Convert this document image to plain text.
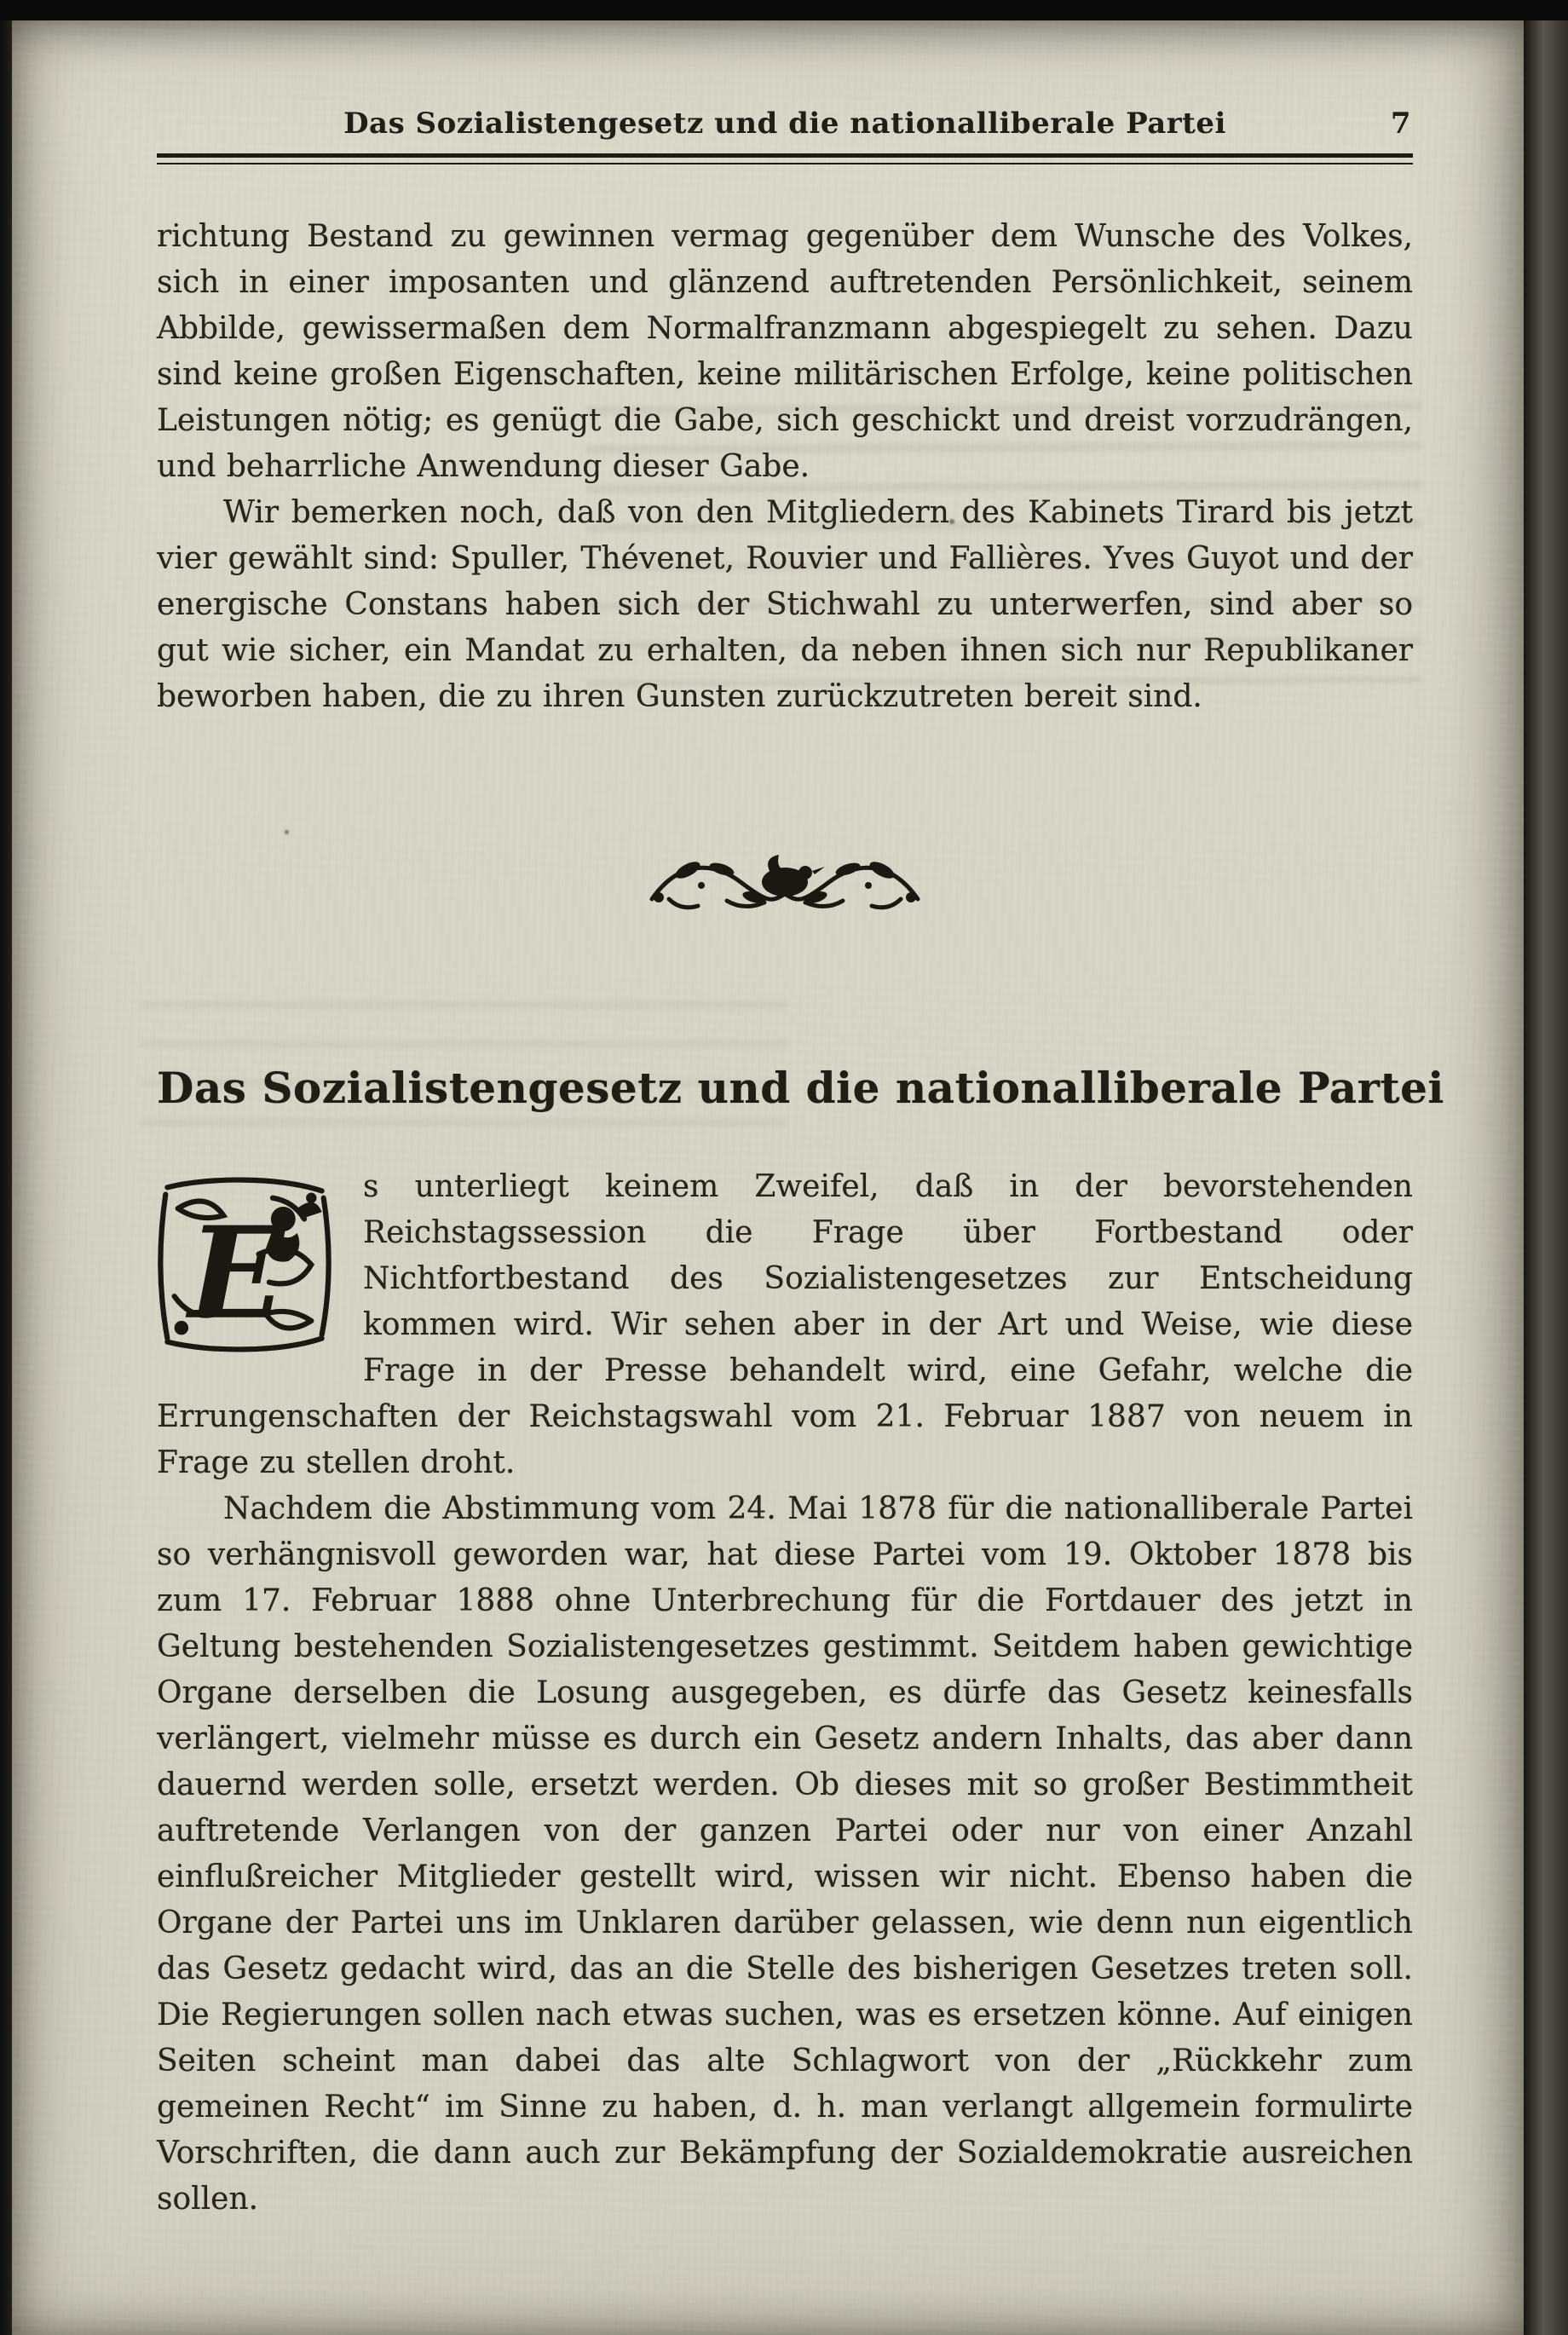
Das Sozialistengesetz und die nationalliberale Partei	7

richtung Bestand zu gewinnen vermag gegenüber dem Wunsche des Volkes, sich in einer imposanten und glänzend auftretenden Persönlichkeit, seinem Abbilde, gewissermaßen dem Normalfranzmann abgespiegelt zu sehen. Dazu sind keine großen Eigenschaften, keine militärischen Erfolge, keine politischen Leistungen nötig; es genügt die Gabe, sich geschickt und dreist vorzudrängen, und beharrliche Anwendung dieser Gabe.

Wir bemerken noch, daß von den Mitgliedern des Kabinets Tirard bis jetzt vier gewählt sind: Spuller, Thévenet, Rouvier und Fallières. Yves Guyot und der energische Constans haben sich der Stichwahl zu unterwerfen, sind aber so gut wie sicher, ein Mandat zu erhalten, da neben ihnen sich nur Republikaner beworben haben, die zu ihren Gunsten zurückzutreten bereit sind.

Das Sozialistengesetz und die nationalliberale Partei
E

s unterliegt keinem Zweifel, daß in der bevorstehenden Reichstagssession die Frage über Fortbestand oder Nichtfortbestand des Sozialistengesetzes zur Entscheidung kommen wird. Wir sehen aber in der Art und Weise, wie diese Frage in der Presse behandelt wird, eine Gefahr, welche die Errungenschaften der Reichstagswahl vom 21. Februar 1887 von neuem in Frage zu stellen droht.

Nachdem die Abstimmung vom 24. Mai 1878 für die nationalliberale Partei so verhängnisvoll geworden war, hat diese Partei vom 19. Oktober 1878 bis zum 17. Februar 1888 ohne Unterbrechung für die Fortdauer des jetzt in Geltung bestehenden Sozialistengesetzes gestimmt. Seitdem haben gewichtige Organe derselben die Losung ausgegeben, es dürfe das Gesetz keinesfalls verlängert, vielmehr müsse es durch ein Gesetz andern Inhalts, das aber dann dauernd werden solle, ersetzt werden. Ob dieses mit so großer Bestimmtheit auftretende Verlangen von der ganzen Partei oder nur von einer Anzahl einflußreicher Mitglieder gestellt wird, wissen wir nicht. Ebenso haben die Organe der Partei uns im Unklaren darüber gelassen, wie denn nun eigentlich das Gesetz gedacht wird, das an die Stelle des bisherigen Gesetzes treten soll. Die Regierungen sollen nach etwas suchen, was es ersetzen könne. Auf einigen Seiten scheint man dabei das alte Schlagwort von der „Rückkehr zum gemeinen Recht“ im Sinne zu haben, d. h. man verlangt allgemein formulirte Vorschriften, die dann auch zur Bekämpfung der Sozialdemokratie ausreichen sollen.
